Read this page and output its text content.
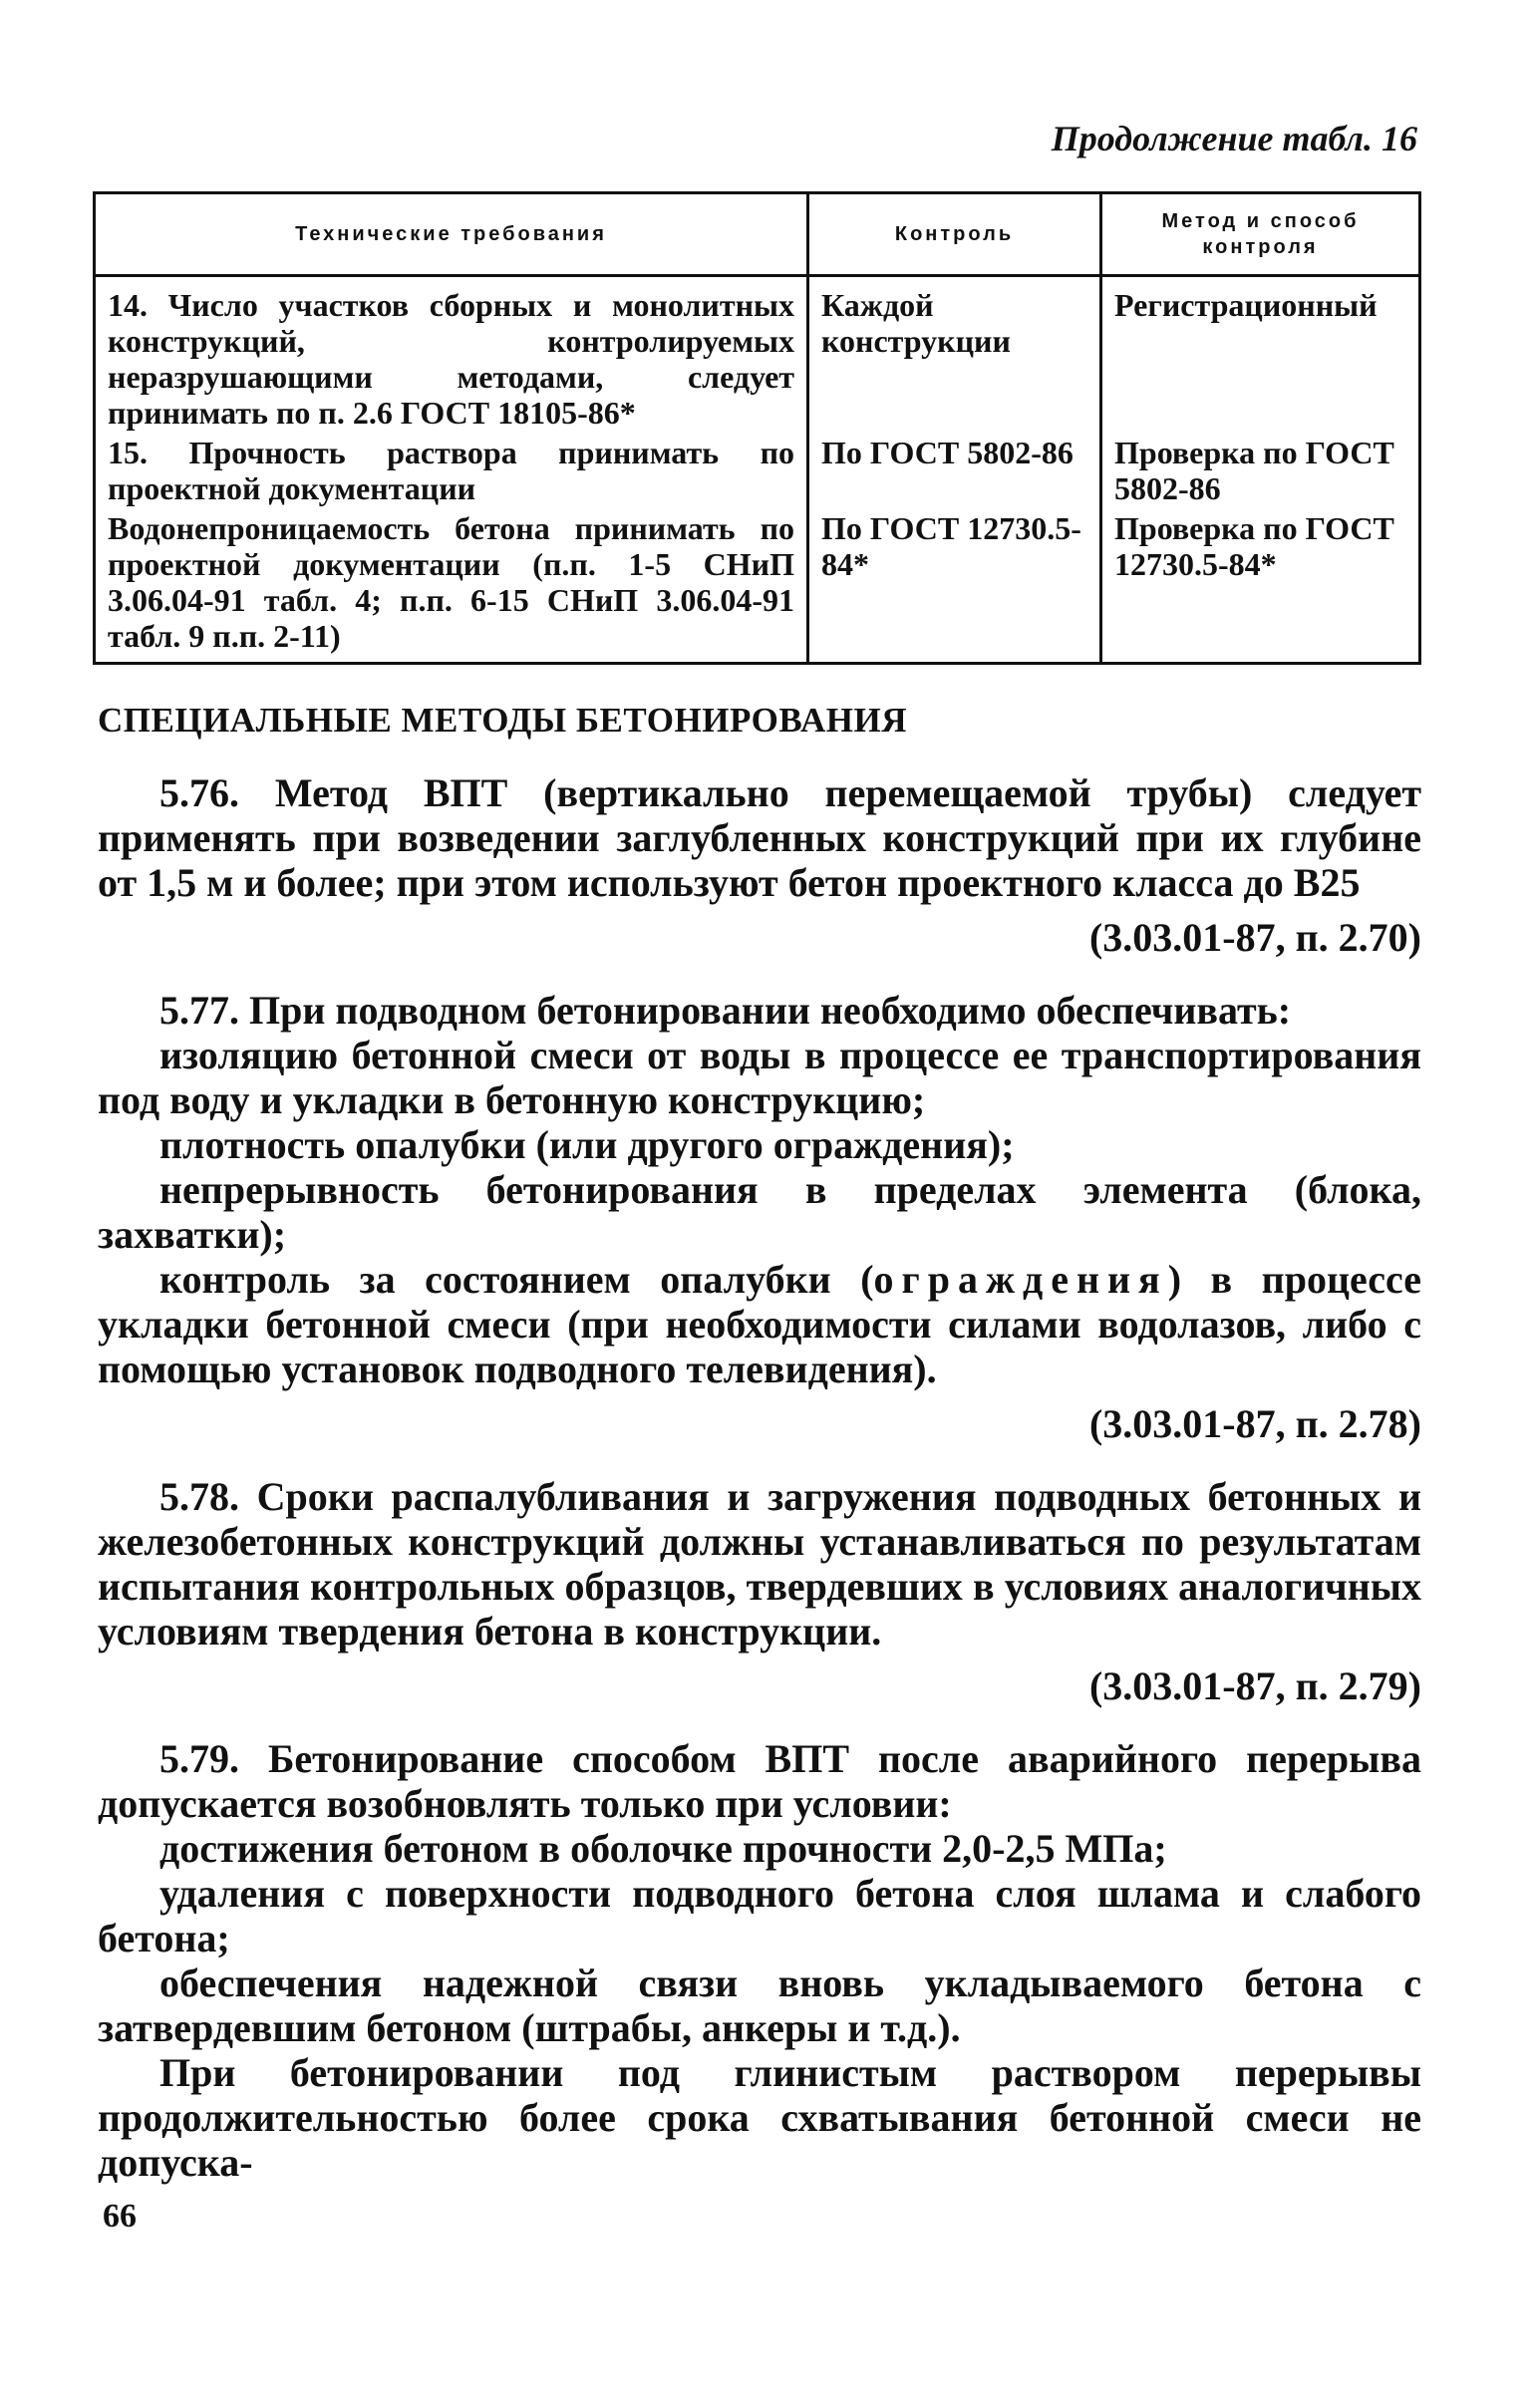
Продолжение табл. 16
Технические требования	Контроль	Метод и способ контроля
14. Число участков сборных и монолитных конструкций, контролируемых неразрушающими методами, следует принимать по п. 2.6 ГОСТ 18105-86*	Каждой конструкции	Регистрационный
15. Прочность раствора принимать по проектной документации	По ГОСТ 5802-86	Проверка по ГОСТ 5802-86
Водонепроницаемость бетона принимать по проектной документации (п.п. 1-5 СНиП 3.06.04-91 табл. 4; п.п. 6-15 СНиП 3.06.04-91 табл. 9 п.п. 2-11)	По ГОСТ 12730.5-84*	Проверка по ГОСТ 12730.5-84*
СПЕЦИАЛЬНЫЕ МЕТОДЫ БЕТОНИРОВАНИЯ

5.76. Метод ВПТ (вертикально перемещаемой трубы) следует применять при возведении заглубленных конструкций при их глубине от 1,5 м и более; при этом используют бетон проектного класса до В25

(3.03.01-87, п. 2.70)

5.77. При подводном бетонировании необходимо обеспечивать:

изоляцию бетонной смеси от воды в процессе ее транспортирования под воду и укладки в бетонную конструкцию;

плотность опалубки (или другого ограждения);

непрерывность бетонирования в пределах элемента (блока, захватки);

контроль за состоянием опалубки (ограждения) в процессе укладки бетонной смеси (при необходимости силами водолазов, либо с помощью установок подводного телевидения).

(3.03.01-87, п. 2.78)

5.78. Сроки распалубливания и загружения подводных бетонных и железобетонных конструкций должны устанавливаться по результатам испытания контрольных образцов, твердевших в условиях аналогичных условиям твердения бетона в конструкции.

(3.03.01-87, п. 2.79)

5.79. Бетонирование способом ВПТ после аварийного перерыва допускается возобновлять только при условии:

достижения бетоном в оболочке прочности 2,0-2,5 МПа;

удаления с поверхности подводного бетона слоя шлама и слабого бетона;

обеспечения надежной связи вновь укладываемого бетона с затвердевшим бетоном (штрабы, анкеры и т.д.).

При бетонировании под глинистым раствором перерывы продолжительностью более срока схватывания бетонной смеси не допуска-

66
